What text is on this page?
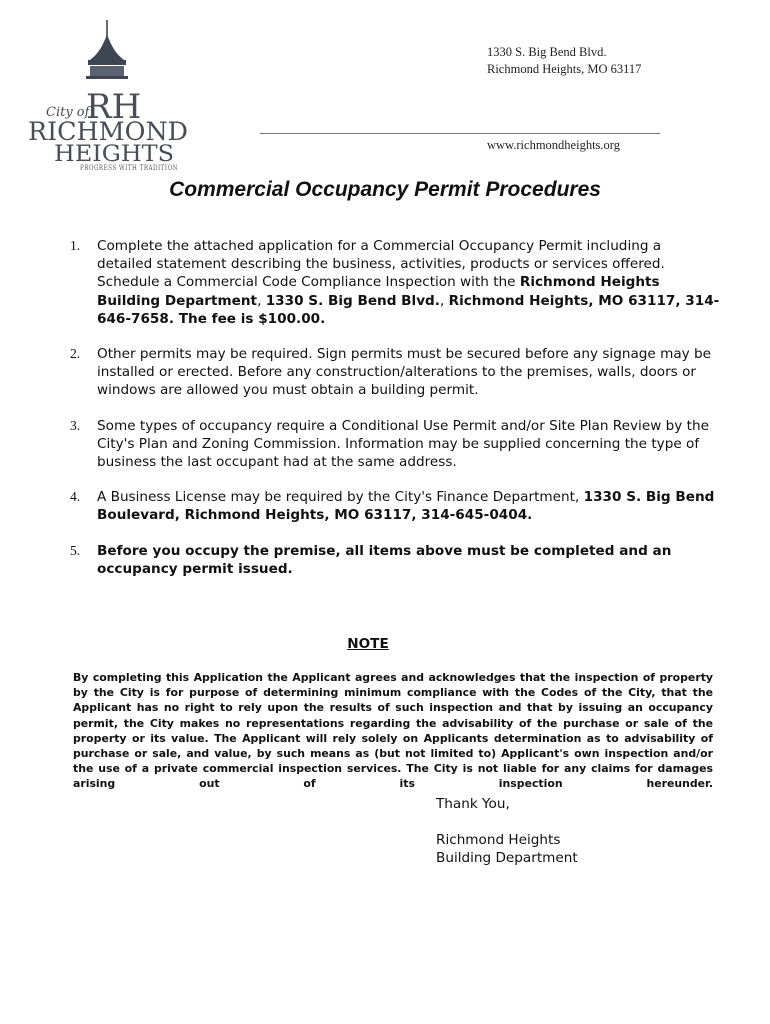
City of
RH
RICHMOND
HEIGHTS
PROGRESS WITH TRADITION
1330 S. Big Bend Blvd.
Richmond Heights, MO 63117
www.richmondheights.org
Commercial Occupancy Permit Procedures
1.	Complete the attached application for a Commercial Occupancy Permit including a detailed statement describing the business, activities, products or services offered. Schedule a Commercial Code Compliance Inspection with the Richmond Heights Building Department, 1330 S. Big Bend Blvd., Richmond Heights, MO 63117, 314-646-7658. The fee is $100.00.
2.	Other permits may be required. Sign permits must be secured before any signage may be installed or erected. Before any construction/alterations to the premises, walls, doors or windows are allowed you must obtain a building permit.
3.	Some types of occupancy require a Conditional Use Permit and/or Site Plan Review by the City's Plan and Zoning Commission. Information may be supplied concerning the type of business the last occupant had at the same address.
4.	A Business License may be required by the City's Finance Department, 1330 S. Big Bend Boulevard, Richmond Heights, MO 63117, 314-645-0404.
5.	Before you occupy the premise, all items above must be completed and an occupancy permit issued.
NOTE

By completing this Application the Applicant agrees and acknowledges that the inspection of property by the City is for purpose of determining minimum compliance with the Codes of the City, that the Applicant has no right to rely upon the results of such inspection and that by issuing an occupancy permit, the City makes no representations regarding the advisability of the purchase or sale of the property or its value. The Applicant will rely solely on Applicants determination as to advisability of purchase or sale, and value, by such means as (but not limited to) Applicant's own inspection and/or the use of a private commercial inspection services. The City is not liable for any claims for damages arising out of its inspection hereunder.

Thank You,

Richmond Heights

Building Department
